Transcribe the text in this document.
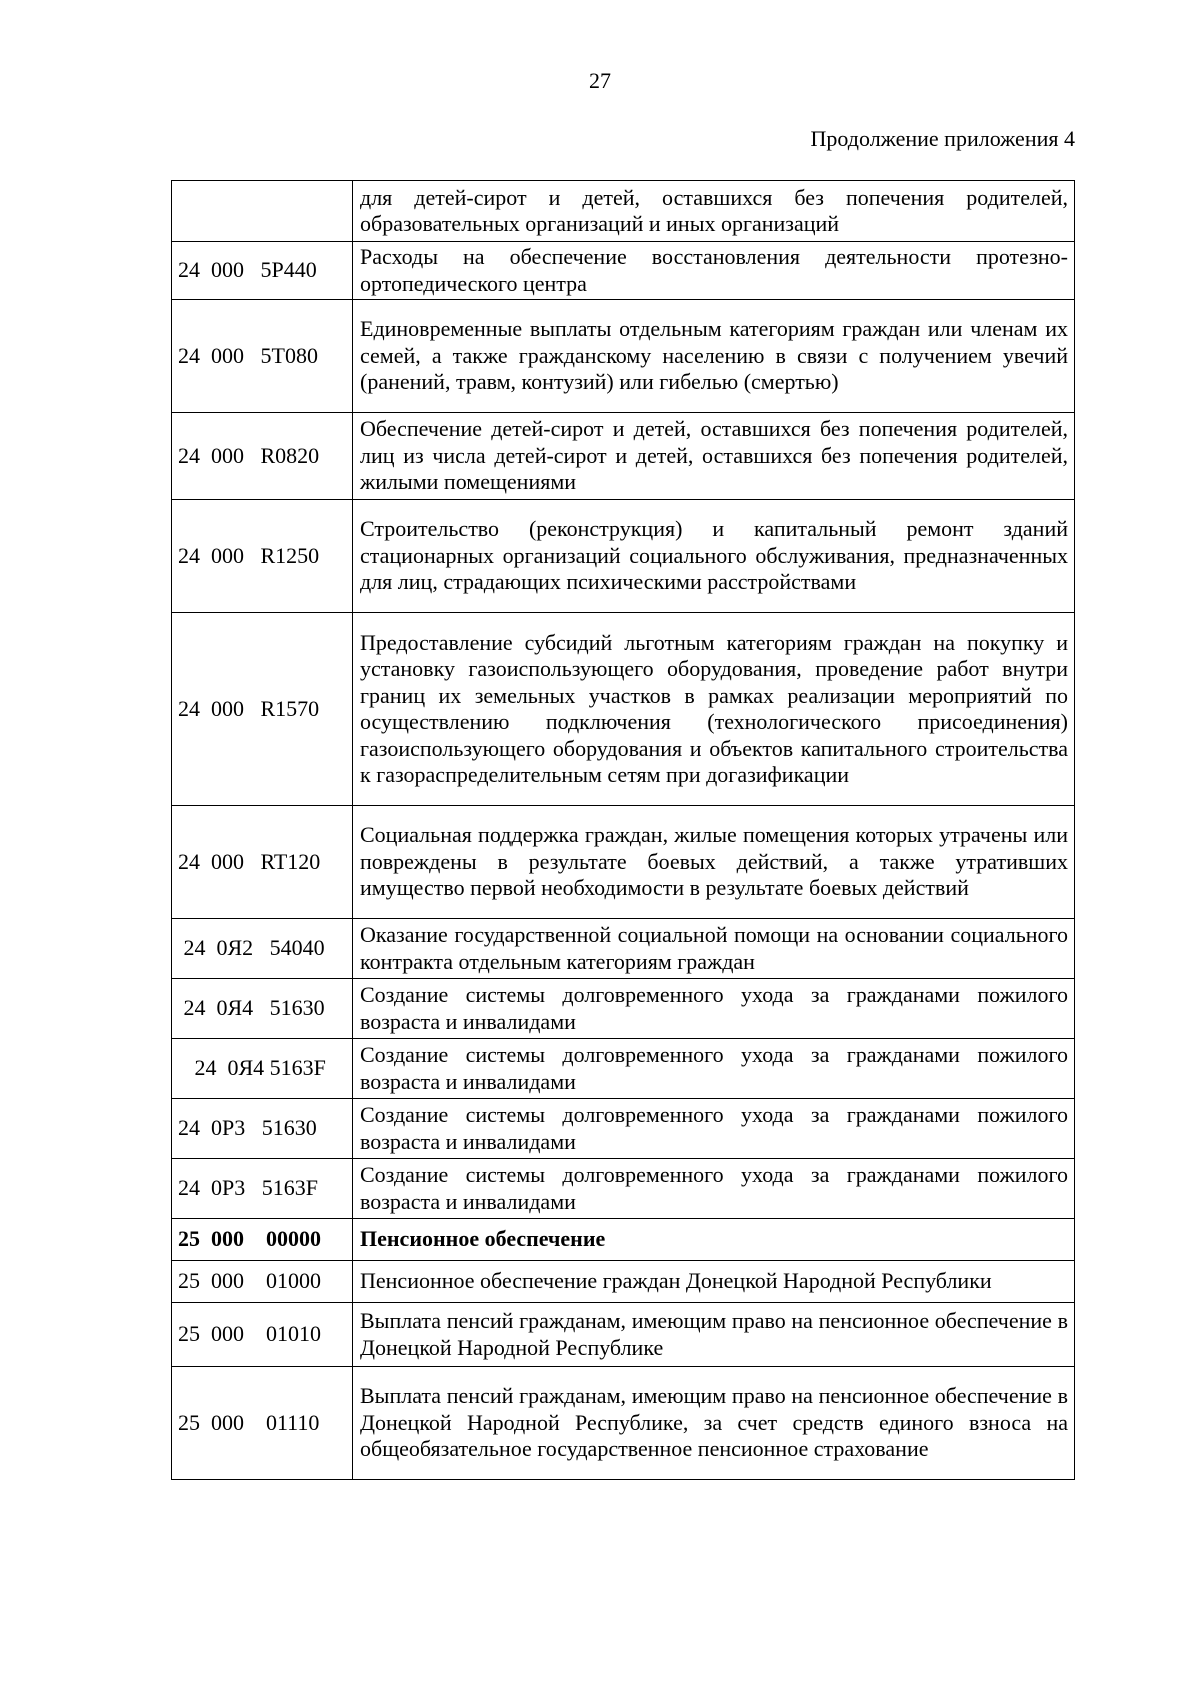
27
Продолжение приложения 4
	для детей-сирот и детей, оставшихся без попечения родителей, образовательных организаций и иных организаций
24  000   5Р440	Расходы на обеспечение восстановления деятельности протезно-ортопедического центра
24  000   5Т080	Единовременные выплаты отдельным категориям граждан или членам их семей, а также гражданскому населению в связи с получением увечий (ранений, травм, контузий) или гибелью (смертью)
24  000   R0820	Обеспечение детей-сирот и детей, оставшихся без попечения родителей, лиц из числа детей-сирот и детей, оставшихся без попечения родителей, жилыми помещениями
24  000   R1250	Строительство (реконструкция) и капитальный ремонт зданий стационарных организаций социального обслуживания, предназначенных для лиц, страдающих психическими расстройствами
24  000   R1570	Предоставление субсидий льготным категориям граждан на покупку и установку газоиспользующего оборудования, проведение работ внутри границ их земельных участков в рамках реализации мероприятий по осуществлению подключения (технологического присоединения) газоиспользующего оборудования и объектов капитального строительства к газораспределительным сетям при догазификации
24  000   RT120	Социальная поддержка граждан, жилые помещения которых утрачены или повреждены в результате боевых действий, а также утративших имущество первой необходимости в результате боевых действий
24  0Я2   54040	Оказание государственной социальной помощи на основании социального контракта отдельным категориям граждан
24  0Я4   51630	Создание системы долговременного ухода за гражданами пожилого возраста и инвалидами
24  0Я4 5163F	Создание системы долговременного ухода за гражданами пожилого возраста и инвалидами
24  0Р3   51630	Создание системы долговременного ухода за гражданами пожилого возраста и инвалидами
24  0Р3   5163F	Создание системы долговременного ухода за гражданами пожилого возраста и инвалидами
25  000    00000	Пенсионное обеспечение
25  000    01000	Пенсионное обеспечение граждан Донецкой Народной Республики
25  000    01010	Выплата пенсий гражданам, имеющим право на пенсионное обеспечение в Донецкой Народной Республике
25  000    01110	Выплата пенсий гражданам, имеющим право на пенсионное обеспечение в Донецкой Народной Республике, за счет средств единого взноса на общеобязательное государственное пенсионное страхование
